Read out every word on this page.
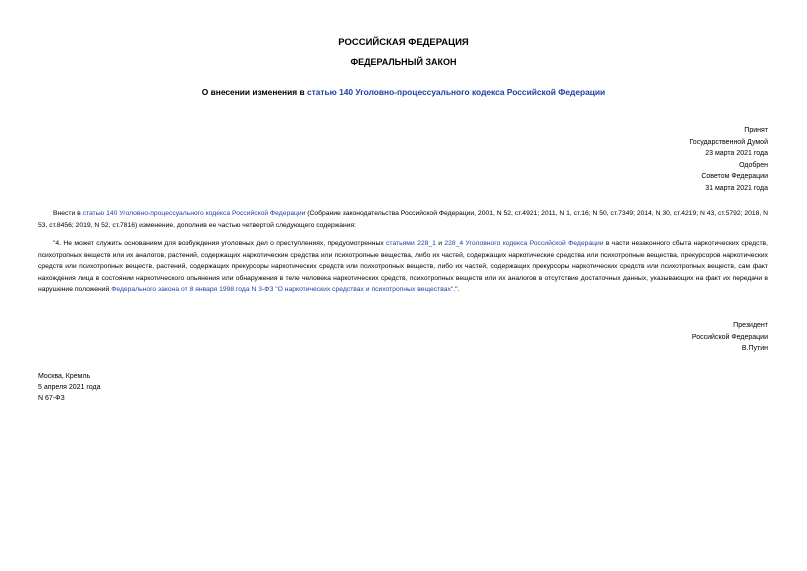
РОССИЙСКАЯ ФЕДЕРАЦИЯ
ФЕДЕРАЛЬНЫЙ ЗАКОН
О внесении изменения в статью 140 Уголовно-процессуального кодекса Российской Федерации
Принят
Государственной Думой
23 марта 2021 года
Одобрен
Советом Федерации
31 марта 2021 года
Внести в статью 140 Уголовно-процессуального кодекса Российской Федерации (Собрание законодательства Российской Федерации, 2001, N 52, ст.4921; 2011, N 1, ст.16; N 50, ст.7349; 2014, N 30, ст.4219; N 43, ст.5792; 2018, N 53, ст.8456; 2019, N 52, ст.7816) изменение, дополнив ее частью четвертой следующего содержания:
"4. Не может служить основанием для возбуждения уголовных дел о преступлениях, предусмотренных статьями 228_1 и 228_4 Уголовного кодекса Российской Федерации в части незаконного сбыта наркотических средств, психотропных веществ или их аналогов, растений, содержащих наркотические средства или психотропные вещества, либо их частей, содержащих наркотические средства или психотропные вещества, прекурсоров наркотических средств или психотропных веществ, растений, содержащих прекурсоры наркотических средств или психотропных веществ, либо их частей, содержащих прекурсоры наркотических средств или психотропных веществ, сам факт нахождения лица в состоянии наркотического опьянения или обнаружения в теле человека наркотических средств, психотропных веществ или их аналогов в отсутствие достаточных данных, указывающих на факт их передачи в нарушение положений Федерального закона от 8 января 1998 года N 3-ФЗ "О наркотических средствах и психотропных веществах".".
Президент
Российской Федерации
В.Путин
Москва, Кремль
5 апреля 2021 года
N 67-ФЗ
